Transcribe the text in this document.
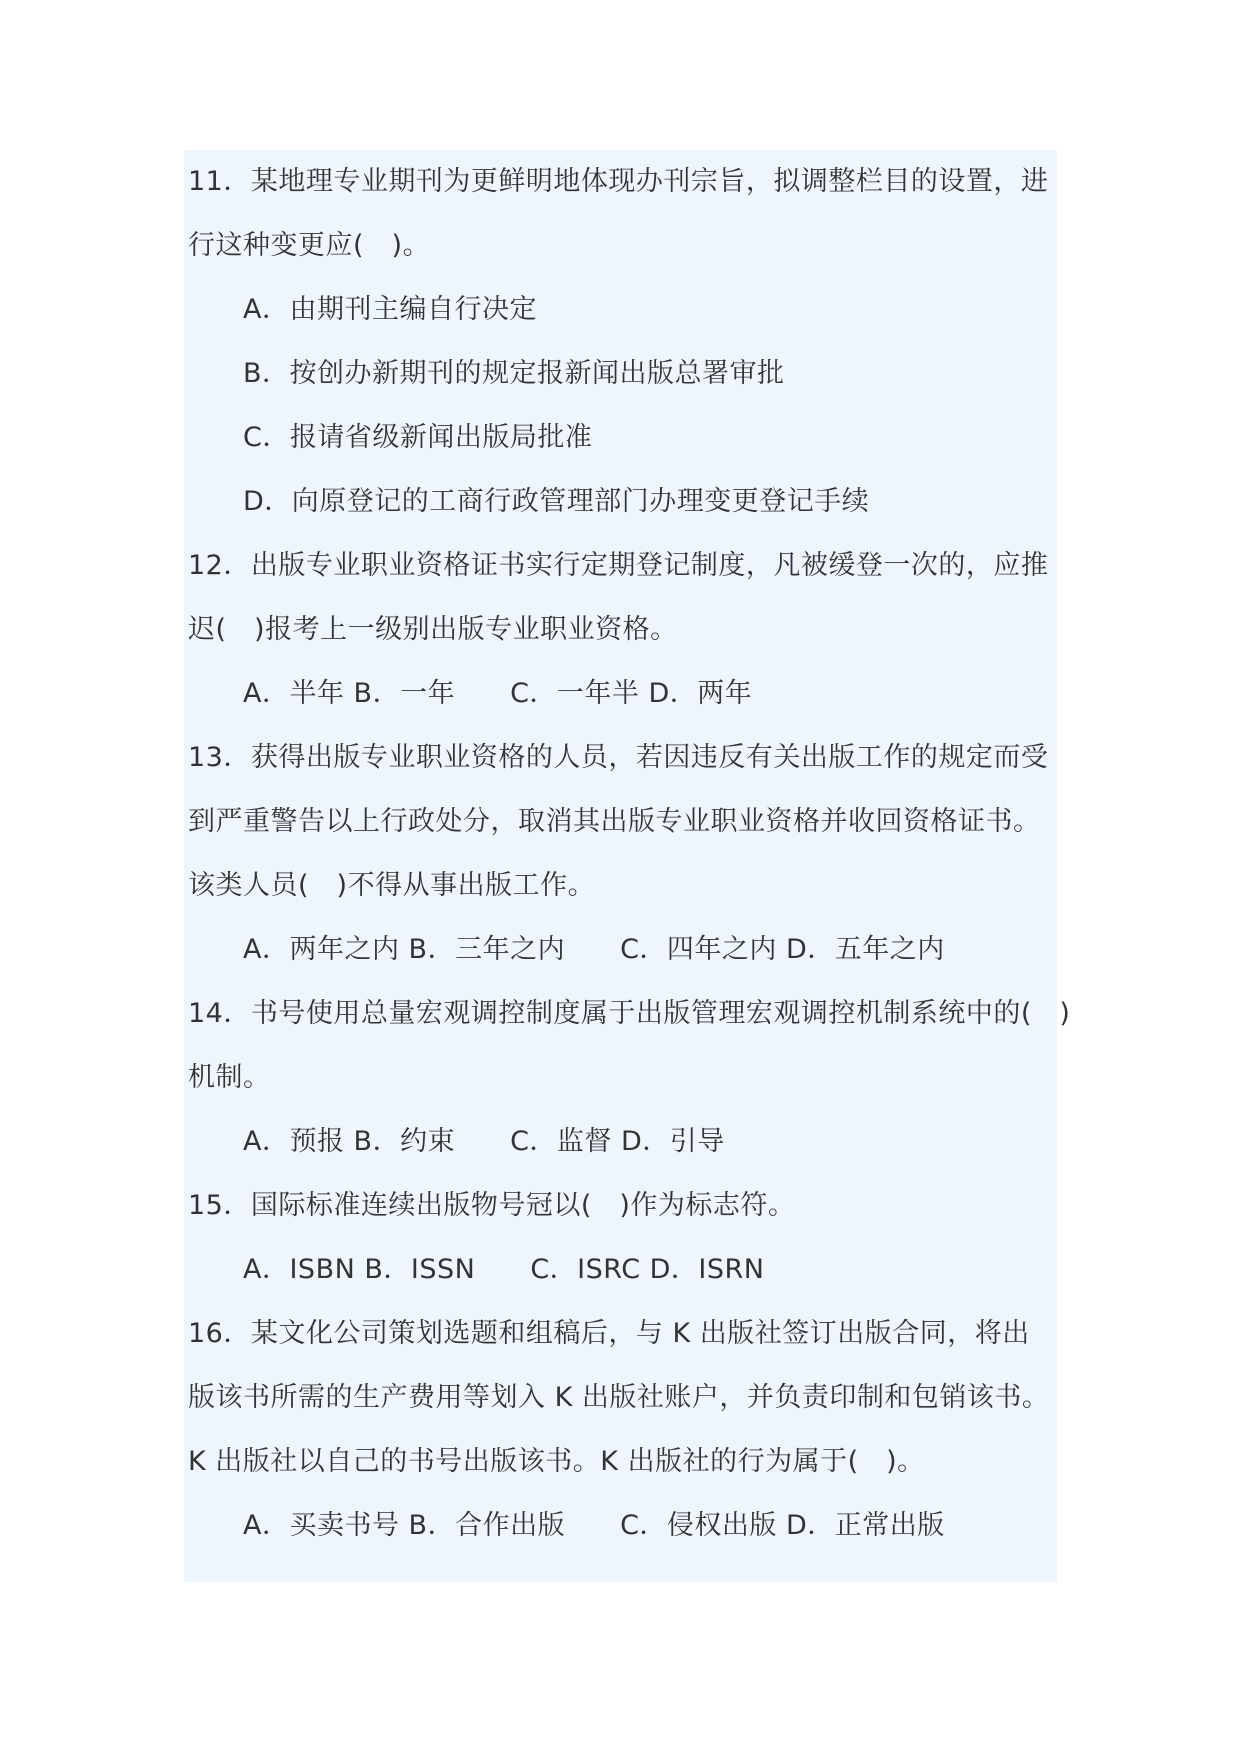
11．某地理专业期刊为更鲜明地体现办刊宗旨，拟调整栏目的设置，进
行这种变更应(　)。
A．由期刊主编自行决定
B．按创办新期刊的规定报新闻出版总署审批
C．报请省级新闻出版局批准
D．向原登记的工商行政管理部门办理变更登记手续
12．出版专业职业资格证书实行定期登记制度，凡被缓登一次的，应推
迟(　)报考上一级别出版专业职业资格。
A．半年 B．一年　　C．一年半 D．两年
13．获得出版专业职业资格的人员，若因违反有关出版工作的规定而受
到严重警告以上行政处分，取消其出版专业职业资格并收回资格证书。
该类人员(　)不得从事出版工作。
A．两年之内 B．三年之内　　C．四年之内 D．五年之内
14．书号使用总量宏观调控制度属于出版管理宏观调控机制系统中的(　)
机制。
A．预报 B．约束　　C．监督 D．引导
15．国际标准连续出版物号冠以(　)作为标志符。
A．ISBN B．ISSN　　C．ISRC D．ISRN
16．某文化公司策划选题和组稿后，与 K 出版社签订出版合同，将出
版该书所需的生产费用等划入 K 出版社账户，并负责印制和包销该书。
K 出版社以自己的书号出版该书。K 出版社的行为属于(　)。
A．买卖书号 B．合作出版　　C．侵权出版 D．正常出版
